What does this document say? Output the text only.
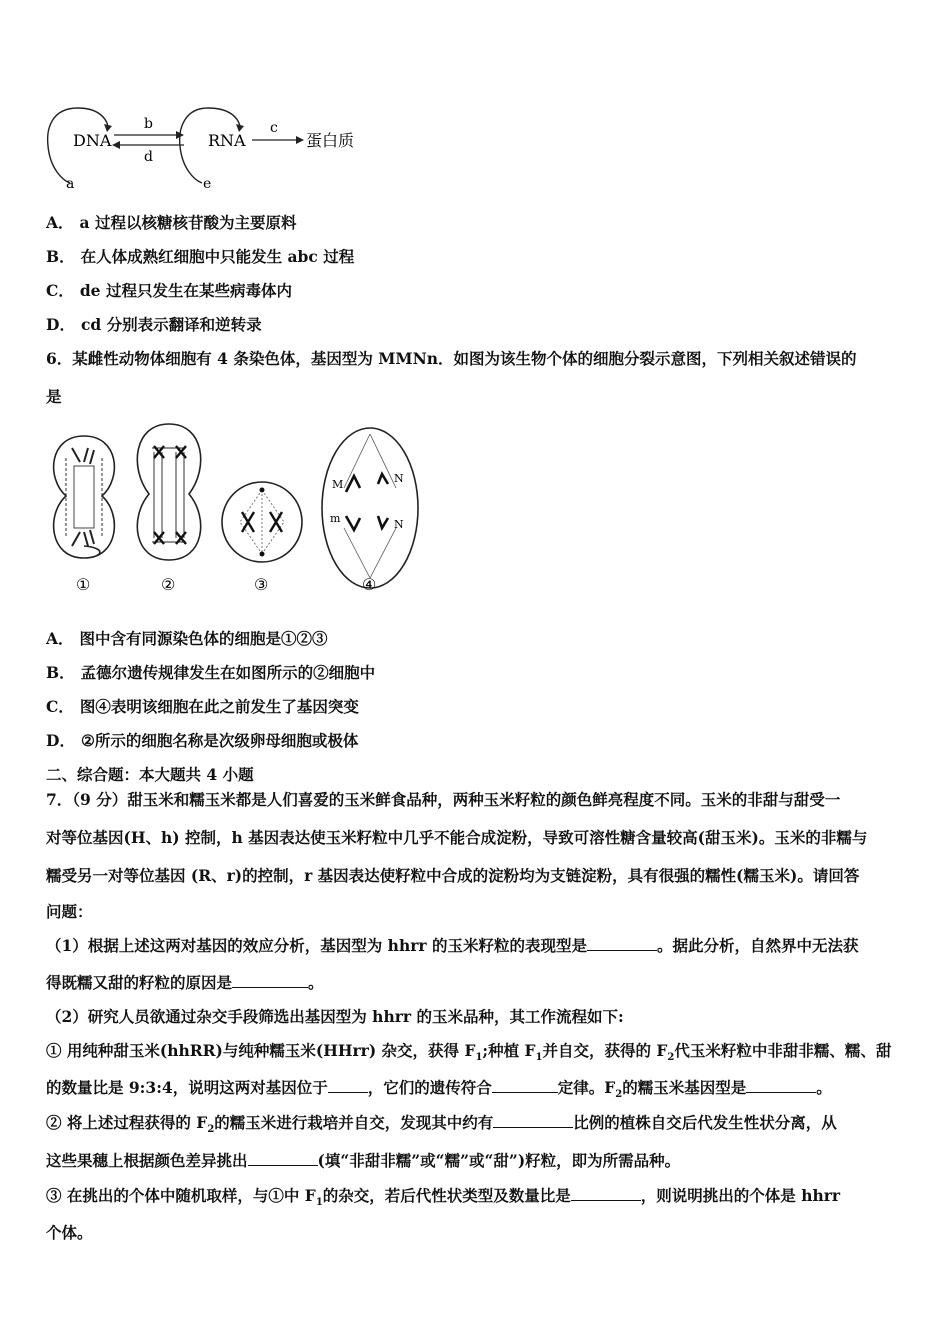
DNA	RNA	蛋白质
a
b	c
d
e
A． a 过程以核糖核苷酸为主要原料
B． 在人体成熟红细胞中只能发生 abc 过程
C． de 过程只发生在某些病毒体内
D． cd 分别表示翻译和逆转录
6．某雌性动物体细胞有 4 条染色体，基因型为 MMNn．如图为该生物个体的细胞分裂示意图，下列相关叙述错误的
是
M	N
m	N
①	②	③	④
A． 图中含有同源染色体的细胞是①②③
B． 孟德尔遗传规律发生在如图所示的②细胞中
C． 图④表明该细胞在此之前发生了基因突变
D． ②所示的细胞名称是次级卵母细胞或极体
二、综合题：本大题共 4 小题
7．（9 分）甜玉米和糯玉米都是人们喜爱的玉米鲜食品种，两种玉米籽粒的颜色鲜亮程度不同。玉米的非甜与甜受一
对等位基因(H、h) 控制，h 基因表达使玉米籽粒中几乎不能合成淀粉，导致可溶性糖含量较高(甜玉米)。玉米的非糯与
糯受另一对等位基因 (R、r)的控制，r 基因表达使籽粒中合成的淀粉均为支链淀粉，具有很强的糯性(糯玉米)。请回答
问题：
（1）根据上述这两对基因的效应分析，基因型为 hhrr 的玉米籽粒的表现型是	。据此分析，自然界中无法获
得既糯又甜的籽粒的原因是	。
（2）研究人员欲通过杂交手段筛选出基因型为 hhrr 的玉米品种，其工作流程如下:
① 用纯种甜玉米(hhRR)与纯种糯玉米(HHrr) 杂交，获得 $F_1$;种植 $F_1$并自交，获得的 $F_2$代玉米籽粒中非甜非糯、糯、甜
的数量比是 9:3:4，说明这两对基因位于	，它们的遗传符合	定律。$F_2$的糯玉米基因型是	。
② 将上述过程获得的 $F_2$的糯玉米进行栽培并自交，发现其中约有	比例的植株自交后代发生性状分离，从
这些果穗上根据颜色差异挑出	(填“非甜非糯”或“糯”或“甜”)籽粒，即为所需品种。
③ 在挑出的个体中随机取样，与①中 $F_1$的杂交，若后代性状类型及数量比是	，则说明挑出的个体是 hhrr
个体。
